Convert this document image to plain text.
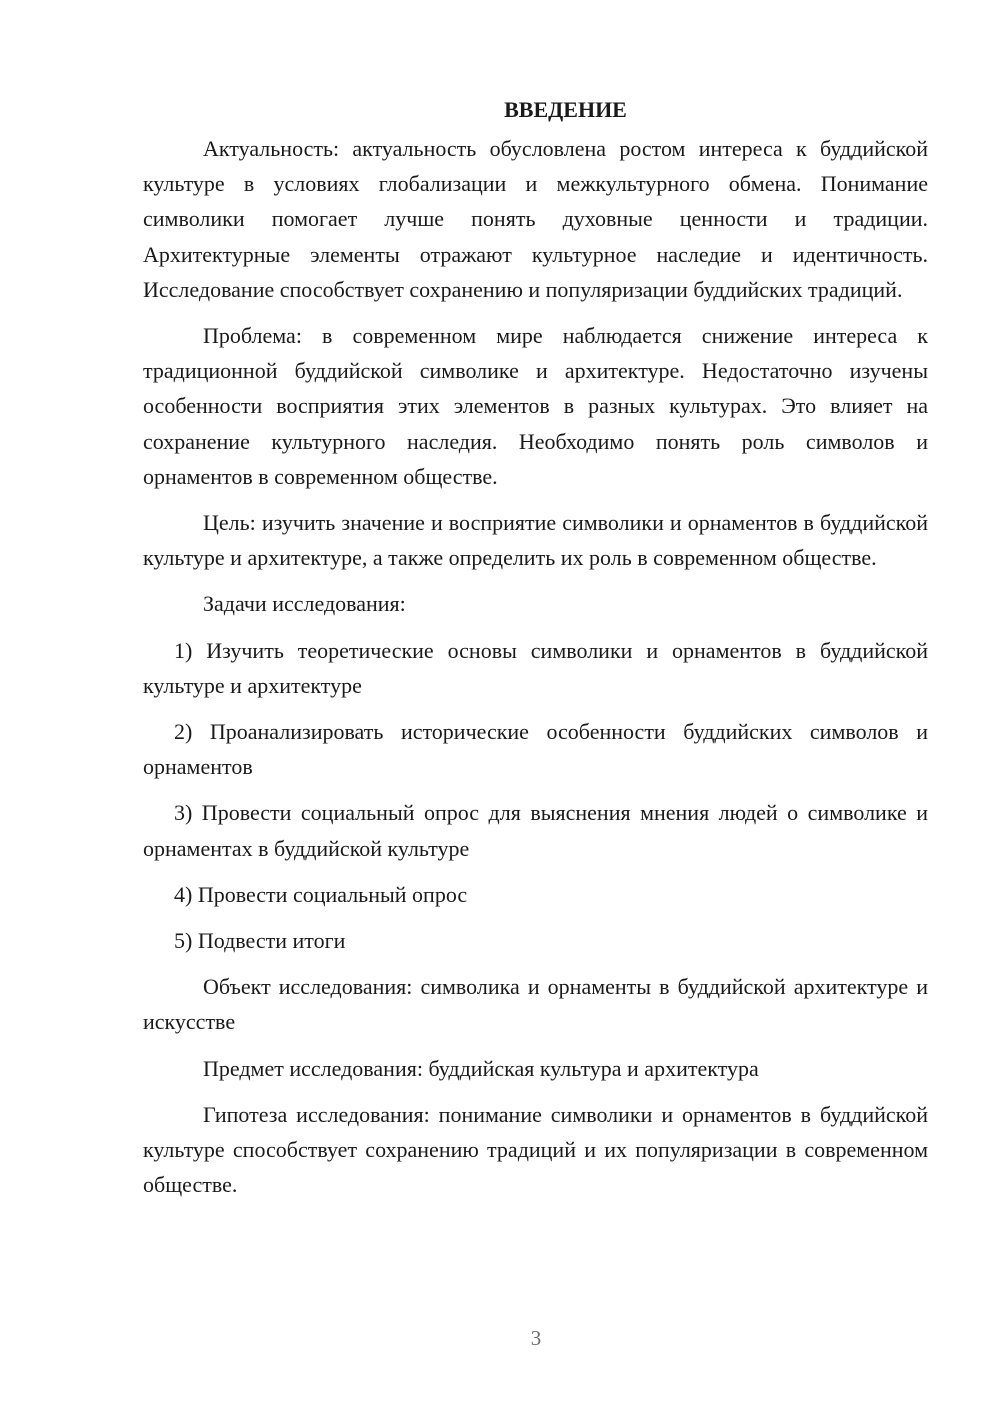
ВВЕДЕНИЕ

Актуальность: актуальность обусловлена ростом интереса к буддийской культуре в условиях глобализации и межкультурного обмена. Понимание символики помогает лучше понять духовные ценности и традиции. Архитектурные элементы отражают культурное наследие и идентичность. Исследование способствует сохранению и популяризации буддийских традиций.

Проблема: в современном мире наблюдается снижение интереса к традиционной буддийской символике и архитектуре. Недостаточно изучены особенности восприятия этих элементов в разных культурах. Это влияет на сохранение культурного наследия. Необходимо понять роль символов и орнаментов в современном обществе.

Цель: изучить значение и восприятие символики и орнаментов в буддийской культуре и архитектуре, а также определить их роль в современном обществе.

Задачи исследования:

1) Изучить теоретические основы символики и орнаментов в буддийской культуре и архитектуре

2) Проанализировать исторические особенности буддийских символов и орнаментов

3) Провести социальный опрос для выяснения мнения людей о символике и орнаментах в буддийской культуре

4) Провести социальный опрос

5) Подвести итоги

Объект исследования: символика и орнаменты в буддийской архитектуре и искусстве

Предмет исследования: буддийская культура и архитектура

Гипотеза исследования: понимание символики и орнаментов в буддийской культуре способствует сохранению традиций и их популяризации в современном обществе.

3
